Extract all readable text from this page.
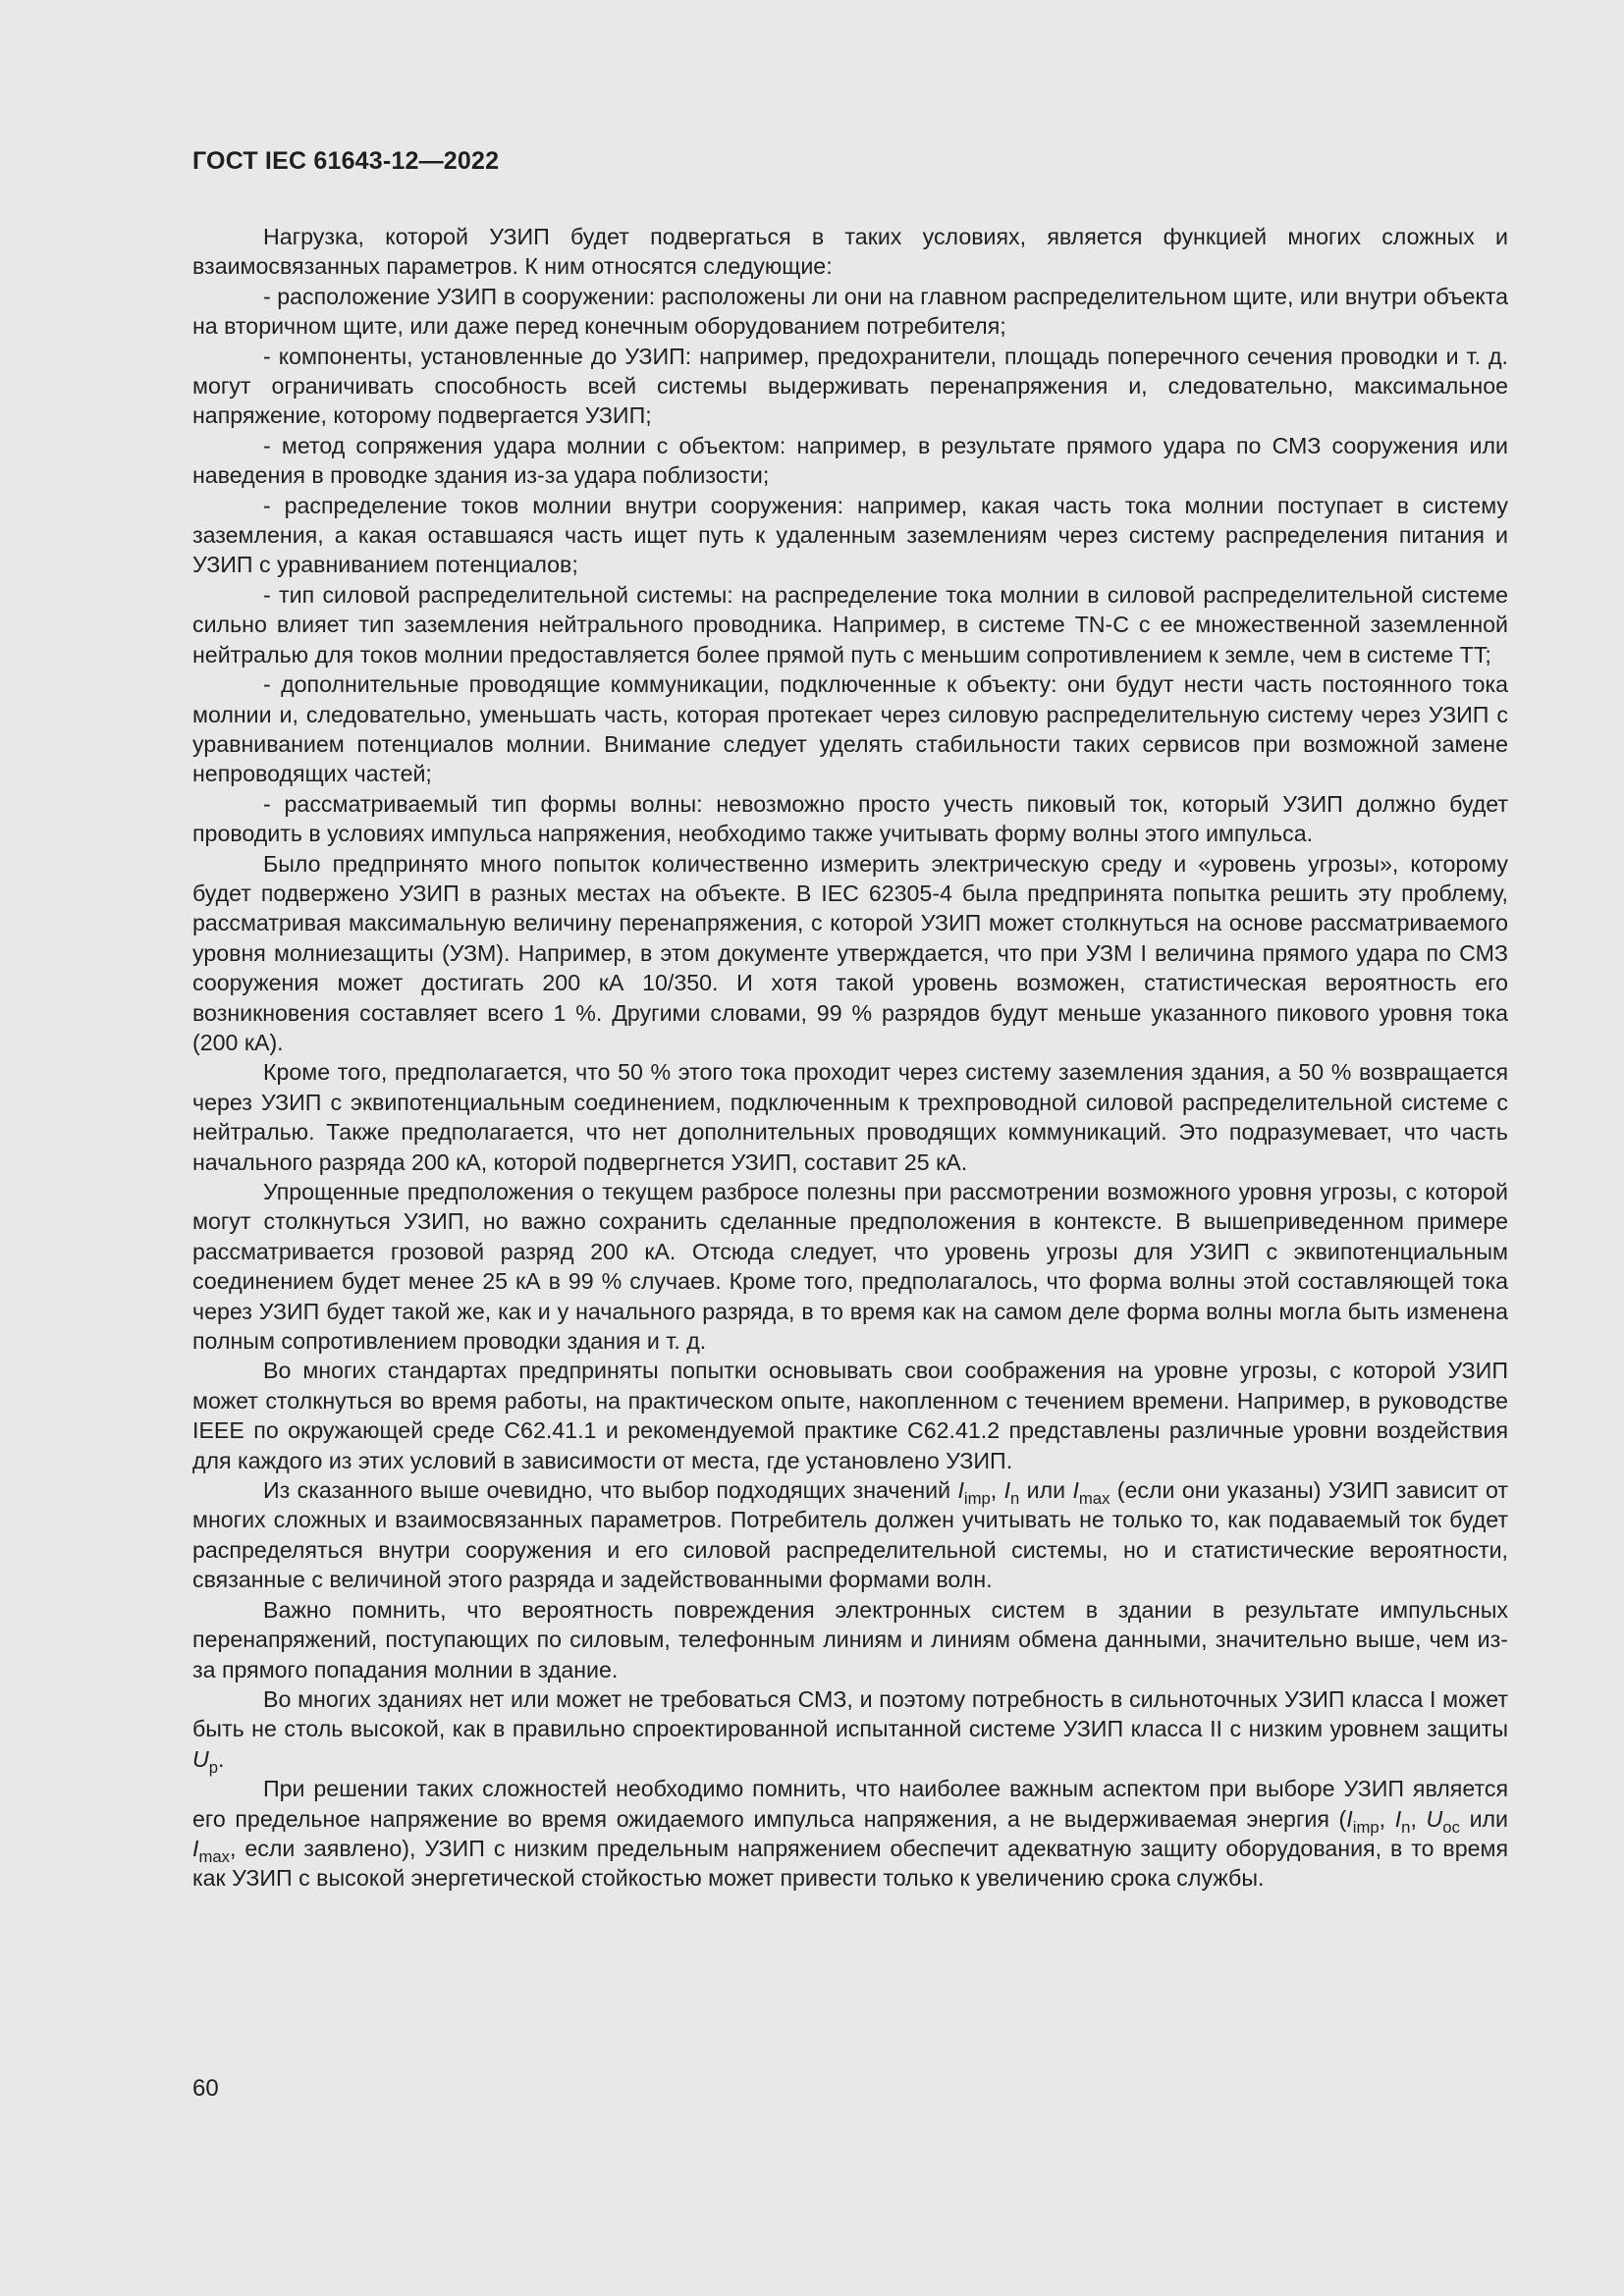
ГОСТ IEC 61643-12—2022

Нагрузка, которой УЗИП будет подвергаться в таких условиях, является функцией многих сложных и взаимосвязанных параметров. К ним относятся следующие:

- расположение УЗИП в сооружении: расположены ли они на главном распределительном щите, или внутри объекта на вторичном щите, или даже перед конечным оборудованием потребителя;

- компоненты, установленные до УЗИП: например, предохранители, площадь поперечного сечения проводки и т. д. могут ограничивать способность всей системы выдерживать перенапряжения и, следовательно, максимальное напряжение, которому подвергается УЗИП;

- метод сопряжения удара молнии с объектом: например, в результате прямого удара по СМЗ сооружения или наведения в проводке здания из-за удара поблизости;

- распределение токов молнии внутри сооружения: например, какая часть тока молнии поступает в систему заземления, а какая оставшаяся часть ищет путь к удаленным заземлениям через систему распределения питания и УЗИП с уравниванием потенциалов;

- тип силовой распределительной системы: на распределение тока молнии в силовой распределительной системе сильно влияет тип заземления нейтрального проводника. Например, в системе TN-C с ее множественной заземленной нейтралью для токов молнии предоставляется более прямой путь с меньшим сопротивлением к земле, чем в системе TT;

- дополнительные проводящие коммуникации, подключенные к объекту: они будут нести часть постоянного тока молнии и, следовательно, уменьшать часть, которая протекает через силовую распределительную систему через УЗИП с уравниванием потенциалов молнии. Внимание следует уделять стабильности таких сервисов при возможной замене непроводящих частей;

- рассматриваемый тип формы волны: невозможно просто учесть пиковый ток, который УЗИП должно будет проводить в условиях импульса напряжения, необходимо также учитывать форму волны этого импульса.

Было предпринято много попыток количественно измерить электрическую среду и «уровень угрозы», которому будет подвержено УЗИП в разных местах на объекте. В IEC 62305-4 была предпринята попытка решить эту проблему, рассматривая максимальную величину перенапряжения, с которой УЗИП может столкнуться на основе рассматриваемого уровня молниезащиты (УЗМ). Например, в этом документе утверждается, что при УЗМ I величина прямого удара по СМЗ сооружения может достигать 200 кА 10/350. И хотя такой уровень возможен, статистическая вероятность его возникновения составляет всего 1 %. Другими словами, 99 % разрядов будут меньше указанного пикового уровня тока (200 кА).

Кроме того, предполагается, что 50 % этого тока проходит через систему заземления здания, а 50 % возвращается через УЗИП с эквипотенциальным соединением, подключенным к трехпроводной силовой распределительной системе с нейтралью. Также предполагается, что нет дополнительных проводящих коммуникаций. Это подразумевает, что часть начального разряда 200 кА, которой подвергнется УЗИП, составит 25 кА.

Упрощенные предположения о текущем разбросе полезны при рассмотрении возможного уровня угрозы, с которой могут столкнуться УЗИП, но важно сохранить сделанные предположения в контексте. В вышеприведенном примере рассматривается грозовой разряд 200 кА. Отсюда следует, что уровень угрозы для УЗИП с эквипотенциальным соединением будет менее 25 кА в 99 % случаев. Кроме того, предполагалось, что форма волны этой составляющей тока через УЗИП будет такой же, как и у начального разряда, в то время как на самом деле форма волны могла быть изменена полным сопротивлением проводки здания и т. д.

Во многих стандартах предприняты попытки основывать свои соображения на уровне угрозы, с которой УЗИП может столкнуться во время работы, на практическом опыте, накопленном с течением времени. Например, в руководстве IEEE по окружающей среде C62.41.1 и рекомендуемой практике C62.41.2 представлены различные уровни воздействия для каждого из этих условий в зависимости от места, где установлено УЗИП.

Из сказанного выше очевидно, что выбор подходящих значений $I_{imp}$, $I_n$ или $I_{max}$ (если они указаны) УЗИП зависит от многих сложных и взаимосвязанных параметров. Потребитель должен учитывать не только то, как подаваемый ток будет распределяться внутри сооружения и его силовой распределительной системы, но и статистические вероятности, связанные с величиной этого разряда и задействованными формами волн.

Важно помнить, что вероятность повреждения электронных систем в здании в результате импульсных перенапряжений, поступающих по силовым, телефонным линиям и линиям обмена данными, значительно выше, чем из-за прямого попадания молнии в здание.

Во многих зданиях нет или может не требоваться СМЗ, и поэтому потребность в сильноточных УЗИП класса I может быть не столь высокой, как в правильно спроектированной испытанной системе УЗИП класса II с низким уровнем защиты $U_p$.

При решении таких сложностей необходимо помнить, что наиболее важным аспектом при выборе УЗИП является его предельное напряжение во время ожидаемого импульса напряжения, а не выдерживаемая энергия ($I_{imp}$, $I_n$, $U_{oc}$ или $I_{max}$, если заявлено), УЗИП с низким предельным напряжением обеспечит адекватную защиту оборудования, в то время как УЗИП с высокой энергетической стойкостью может привести только к увеличению срока службы.

60
